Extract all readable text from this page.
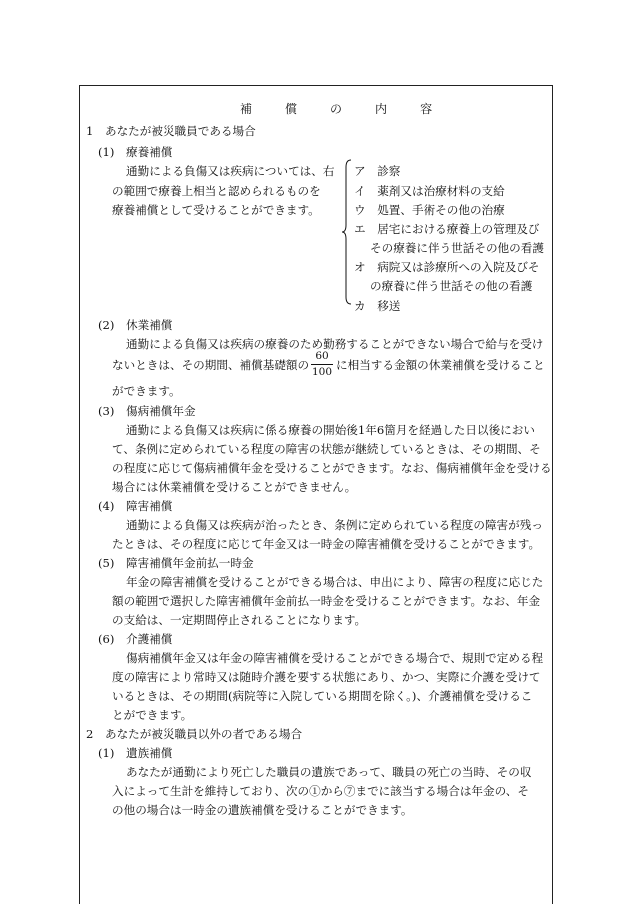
補	償	の	内	容
1　あなたが被災職員である場合
(1)　療養補償
通勤による負傷又は疾病については、右
の範囲で療養上相当と認められるものを
療養補償として受けることができます。
ア　診察
イ　薬剤又は治療材料の支給
ウ　処置、手術その他の治療
エ　居宅における療養上の管理及び
その療養に伴う世話その他の看護
オ　病院又は診療所への入院及びそ
の療養に伴う世話その他の看護
カ　移送
(2)　休業補償
通勤による負傷又は疾病の療養のため勤務することができない場合で給与を受け
ないときは、その期間、補償基礎額の
60
100 に相当する金額の休業補償を受けること
ができます。
(3)　傷病補償年金
通勤による負傷又は疾病に係る療養の開始後1年6箇月を経過した日以後におい
て、条例に定められている程度の障害の状態が継続しているときは、その期間、そ
の程度に応じて傷病補償年金を受けることができます。なお、傷病補償年金を受ける
場合には休業補償を受けることができません。
(4)　障害補償
通勤による負傷又は疾病が治ったとき、条例に定められている程度の障害が残っ
たときは、その程度に応じて年金又は一時金の障害補償を受けることができます。
(5)　障害補償年金前払一時金
年金の障害補償を受けることができる場合は、申出により、障害の程度に応じた
額の範囲で選択した障害補償年金前払一時金を受けることができます。なお、年金
の支給は、一定期間停止されることになります。
(6)　介護補償
傷病補償年金又は年金の障害補償を受けることができる場合で、規則で定める程
度の障害により常時又は随時介護を要する状態にあり、かつ、実際に介護を受けて
いるときは、その期間(病院等に入院している期間を除く。)、介護補償を受けるこ
とができます。
2　あなたが被災職員以外の者である場合
(1)　遺族補償
あなたが通勤により死亡した職員の遺族であって、職員の死亡の当時、その収
入によって生計を維持しており、次の①から⑦までに該当する場合は年金の、そ
の他の場合は一時金の遺族補償を受けることができます。
